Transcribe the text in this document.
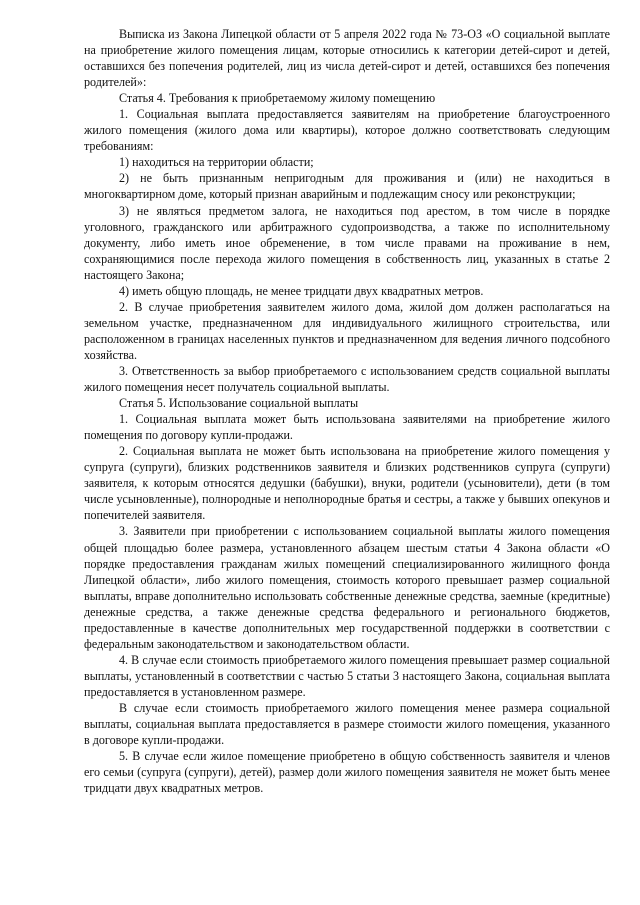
Выписка из Закона Липецкой области от 5 апреля 2022 года № 73-ОЗ «О социальной выплате на приобретение жилого помещения лицам, которые относились к категории детей-сирот и детей, оставшихся без попечения родителей, лиц из числа детей-сирот и детей, оставшихся без попечения родителей»:

Статья 4. Требования к приобретаемому жилому помещению

1. Социальная выплата предоставляется заявителям на приобретение благоустроенного жилого помещения (жилого дома или квартиры), которое должно соответствовать следующим требованиям:

1) находиться на территории области;

2) не быть признанным непригодным для проживания и (или) не находиться в многоквартирном доме, который признан аварийным и подлежащим сносу или реконструкции;

3) не являться предметом залога, не находиться под арестом, в том числе в порядке уголовного, гражданского или арбитражного судопроизводства, а также по исполнительному документу, либо иметь иное обременение, в том числе правами на проживание в нем, сохраняющимися после перехода жилого помещения в собственность лиц, указанных в статье 2 настоящего Закона;

4) иметь общую площадь, не менее тридцати двух квадратных метров.

2. В случае приобретения заявителем жилого дома, жилой дом должен располагаться на земельном участке, предназначенном для индивидуального жилищного строительства, или расположенном в границах населенных пунктов и предназначенном для ведения личного подсобного хозяйства.

3. Ответственность за выбор приобретаемого с использованием средств социальной выплаты жилого помещения несет получатель социальной выплаты.

Статья 5. Использование социальной выплаты

1. Социальная выплата может быть использована заявителями на приобретение жилого помещения по договору купли-продажи.

2. Социальная выплата не может быть использована на приобретение жилого помещения у супруга (супруги), близких родственников заявителя и близких родственников супруга (супруги) заявителя, к которым относятся дедушки (бабушки), внуки, родители (усыновители), дети (в том числе усыновленные), полнородные и неполнородные братья и сестры, а также у бывших опекунов и попечителей заявителя.

3. Заявители при приобретении с использованием социальной выплаты жилого помещения общей площадью более размера, установленного абзацем шестым статьи 4 Закона области «О порядке предоставления гражданам жилых помещений специализированного жилищного фонда Липецкой области», либо жилого помещения, стоимость которого превышает размер социальной выплаты, вправе дополнительно использовать собственные денежные средства, заемные (кредитные) денежные средства, а также денежные средства федерального и регионального бюджетов, предоставленные в качестве дополнительных мер государственной поддержки в соответствии с федеральным законодательством и законодательством области.

4. В случае если стоимость приобретаемого жилого помещения превышает размер социальной выплаты, установленный в соответствии с частью 5 статьи 3 настоящего Закона, социальная выплата предоставляется в установленном размере.

В случае если стоимость приобретаемого жилого помещения менее размера социальной выплаты, социальная выплата предоставляется в размере стоимости жилого помещения, указанного в договоре купли-продажи.

5. В случае если жилое помещение приобретено в общую собственность заявителя и членов его семьи (супруга (супруги), детей), размер доли жилого помещения заявителя не может быть менее тридцати двух квадратных метров.
